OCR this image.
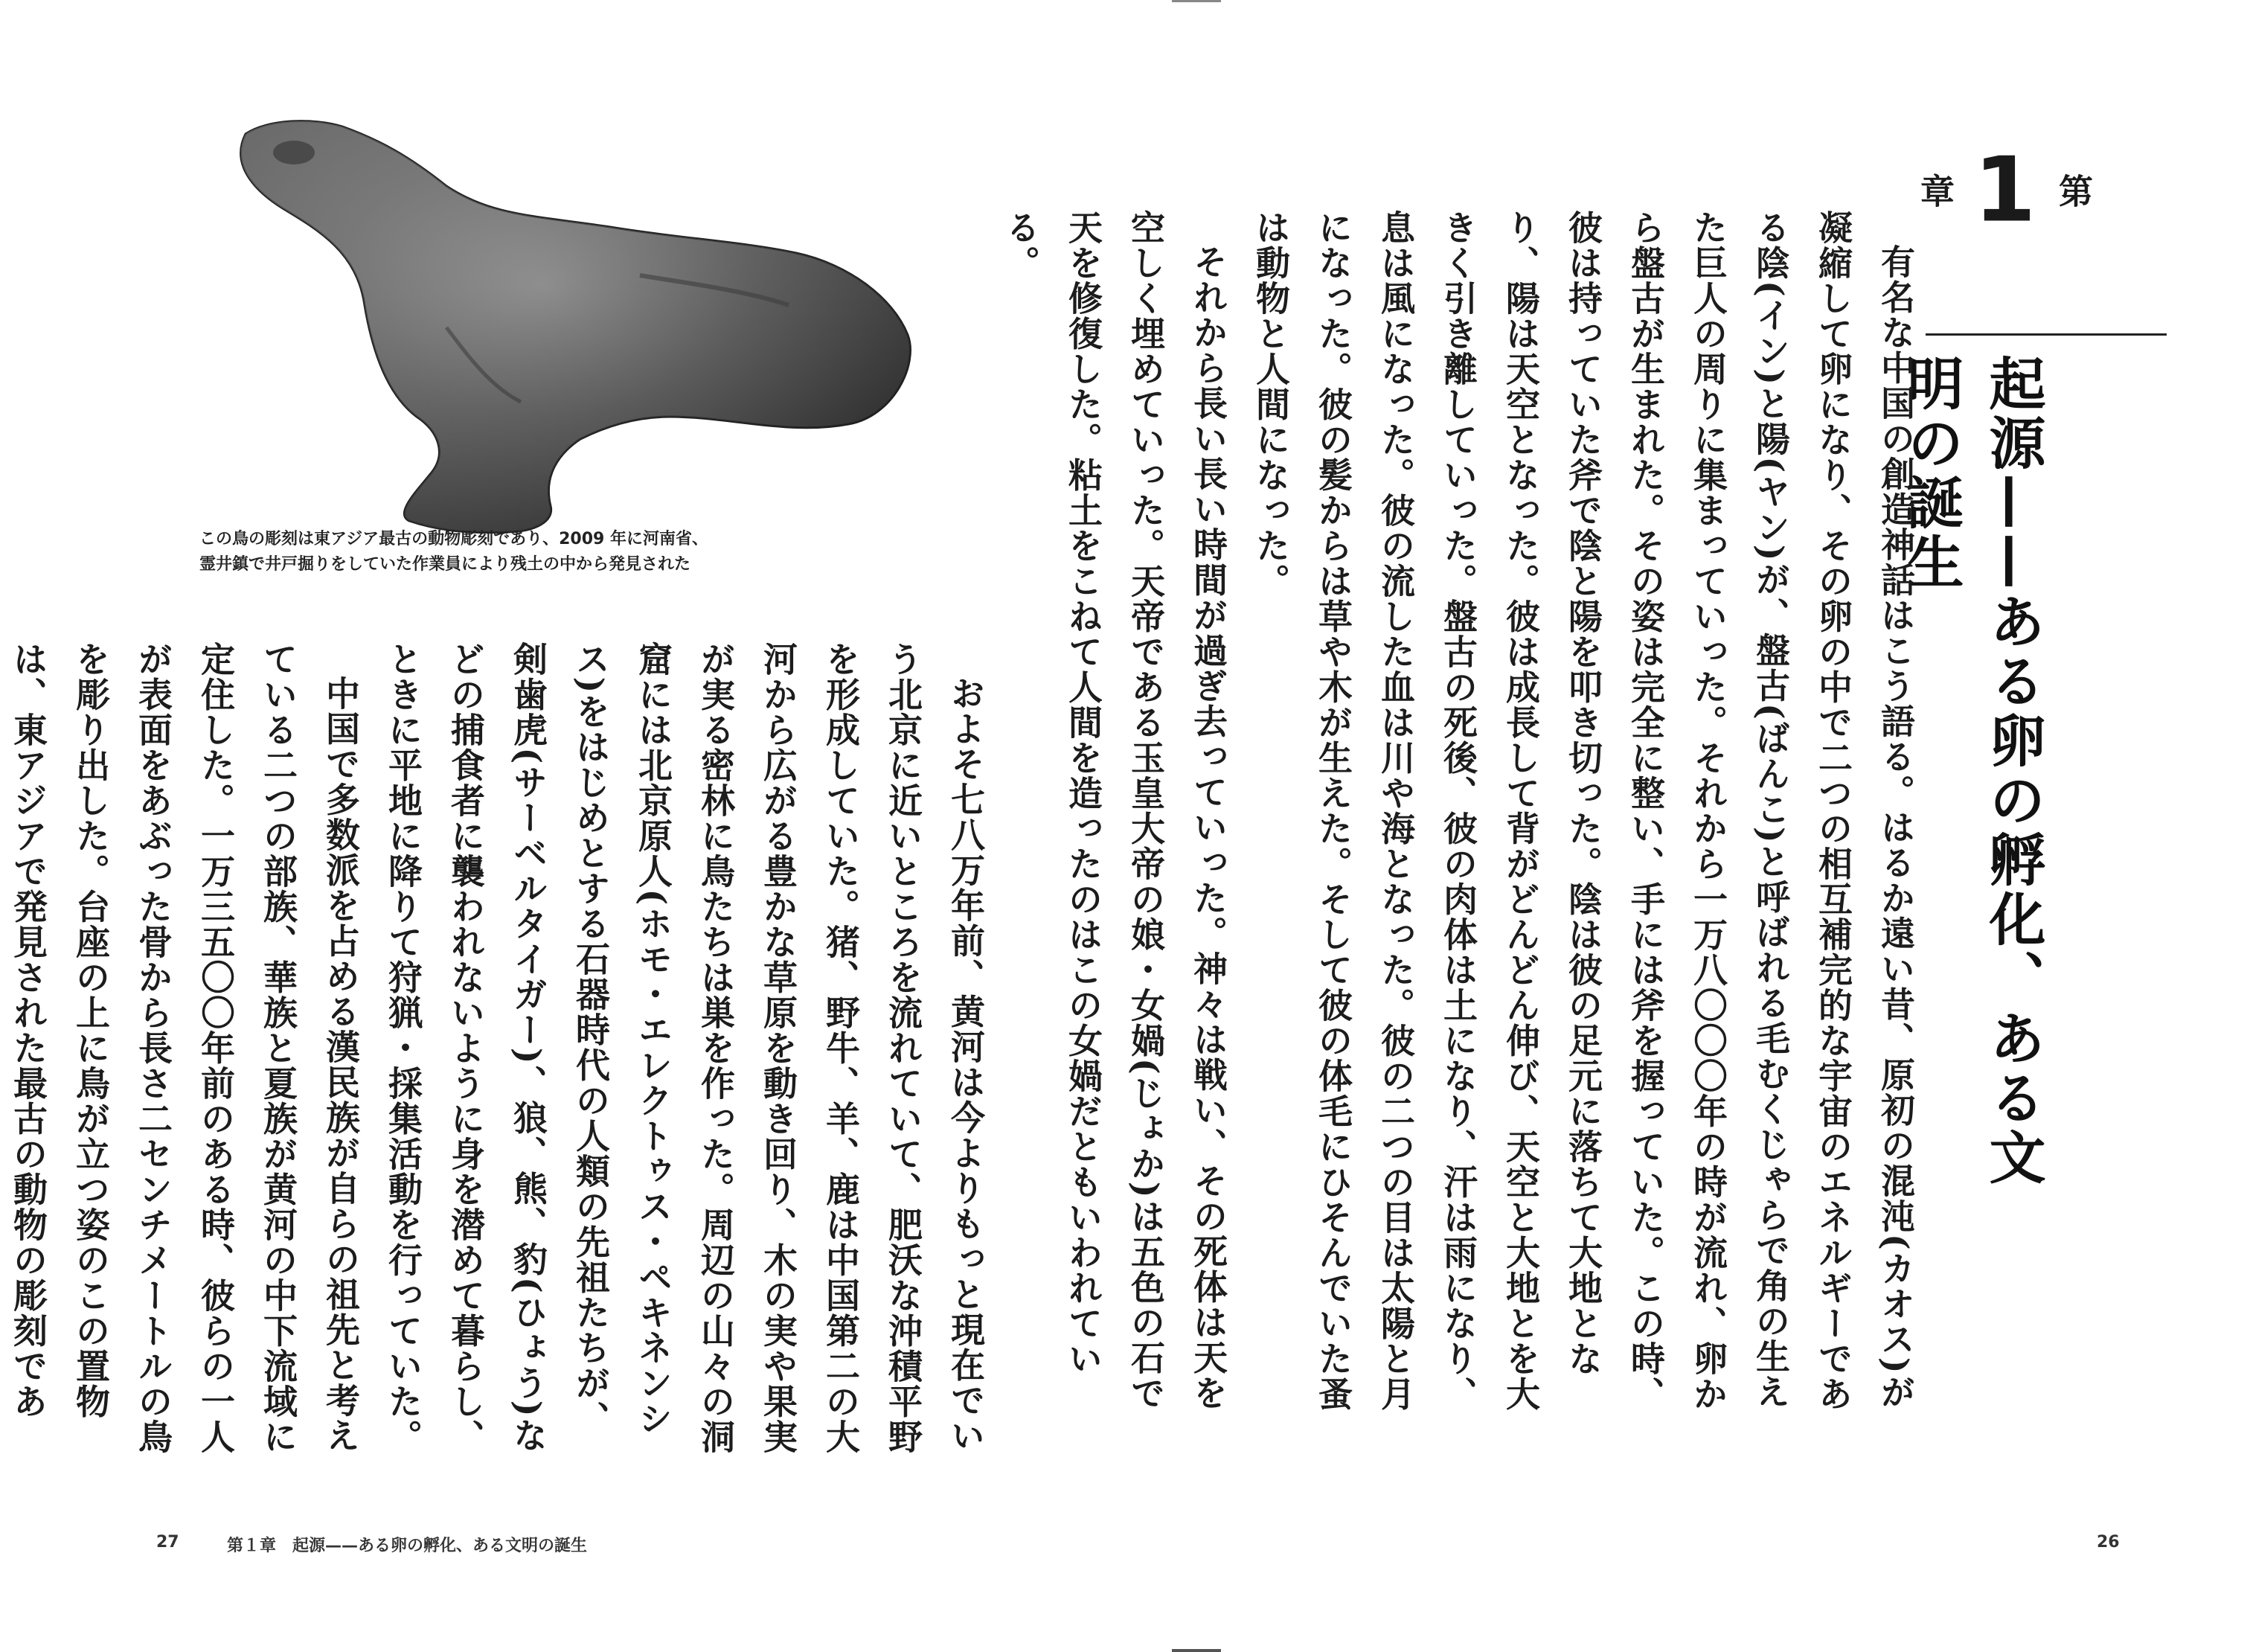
この鳥の彫刻は東アジア最古の動物彫刻であり、2009 年に河南省、
霊井鎮で井戸掘りをしていた作業員により残土の中から発見された

およそ七八万年前、黄河は今よりもっと現在でいう北京に近いところを流れていて、肥沃な沖積平野を形成していた。猪、野牛、羊、鹿は中国第二の大河から広がる豊かな草原を動き回り、木の実や果実が実る密林に鳥たちは巣を作った。周辺の山々の洞窟には北京原人(ホモ・エレクトゥス・ペキネンシス)をはじめとする石器時代の人類の先祖たちが、剣歯虎(サーベルタイガー)、狼、熊、豹(ひょう)などの捕食者に襲われないように身を潜めて暮らし、ときに平地に降りて狩猟・採集活動を行っていた。

中国で多数派を占める漢民族が自らの祖先と考えている二つの部族、華族と夏族が黄河の中下流域に定住した。一万三五〇〇年前のある時、彼らの一人が表面をあぶった骨から長さ二センチメートルの鳥を彫り出した。台座の上に鳥が立つ姿のこの置物は、東アジアで発見された最古の動物の彫刻であ

27	第１章　起源——ある卵の孵化、ある文明の誕生
第
1
章
起源——ある卵の孵化、ある文明の誕生

有名な中国の創造神話はこう語る。はるか遠い昔、原初の混沌(カオス)が凝縮して卵になり、その卵の中で二つの相互補完的な宇宙のエネルギーである陰(イン)と陽(ヤン)が、盤古(ばんこ)と呼ばれる毛むくじゃらで角の生えた巨人の周りに集まっていった。それから一万八〇〇〇年の時が流れ、卵から盤古が生まれた。その姿は完全に整い、手には斧を握っていた。この時、彼は持っていた斧で陰と陽を叩き切った。陰は彼の足元に落ちて大地となり、陽は天空となった。彼は成長して背がどんどん伸び、天空と大地とを大きく引き離していった。盤古の死後、彼の肉体は土になり、汗は雨になり、息は風になった。彼の流した血は川や海となった。彼の二つの目は太陽と月になった。彼の髪からは草や木が生えた。そして彼の体毛にひそんでいた蚤は動物と人間になった。

それから長い長い時間が過ぎ去っていった。神々は戦い、その死体は天を空しく埋めていった。天帝である玉皇大帝の娘・女媧(じょか)は五色の石で天を修復した。粘土をこねて人間を造ったのはこの女媧だともいわれている。

26
